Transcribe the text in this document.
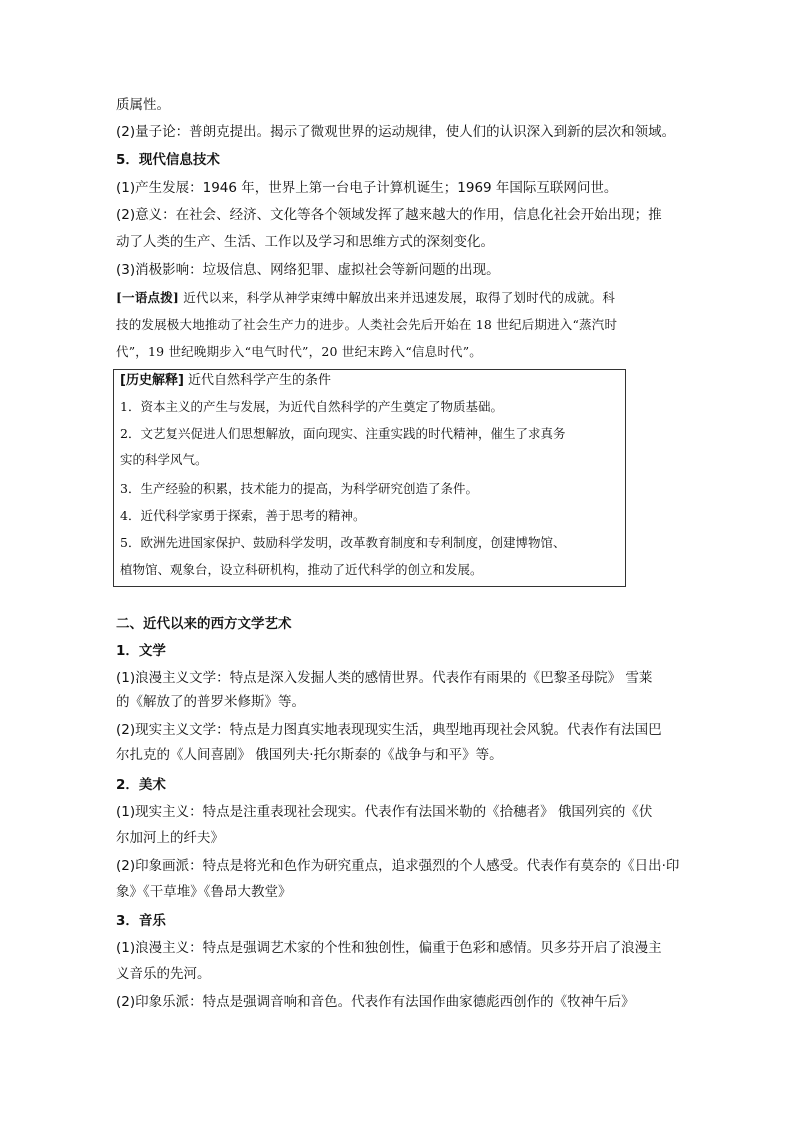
质属性。
(2)量子论：普朗克提出。揭示了微观世界的运动规律，使人们的认识深入到新的层次和领域。
5．现代信息技术
(1)产生发展：1946 年，世界上第一台电子计算机诞生；1969 年国际互联网问世。
(2)意义：在社会、经济、文化等各个领域发挥了越来越大的作用，信息化社会开始出现；推
动了人类的生产、生活、工作以及学习和思维方式的深刻变化。
(3)消极影响：垃圾信息、网络犯罪、虚拟社会等新问题的出现。
[一语点拨] 近代以来，科学从神学束缚中解放出来并迅速发展，取得了划时代的成就。科
技的发展极大地推动了社会生产力的进步。人类社会先后开始在 18 世纪后期进入“蒸汽时
代”，19 世纪晚期步入“电气时代”，20 世纪末跨入“信息时代”。
[历史解释] 近代自然科学产生的条件
1．资本主义的产生与发展，为近代自然科学的产生奠定了物质基础。
2．文艺复兴促进人们思想解放，面向现实、注重实践的时代精神，催生了求真务
实的科学风气。
3．生产经验的积累，技术能力的提高，为科学研究创造了条件。
4．近代科学家勇于探索，善于思考的精神。
5．欧洲先进国家保护、鼓励科学发明，改革教育制度和专利制度，创建博物馆、
植物馆、观象台，设立科研机构，推动了近代科学的创立和发展。
二、近代以来的西方文学艺术
1．文学
(1)浪漫主义文学：特点是深入发掘人类的感情世界。代表作有雨果的《巴黎圣母院》 雪莱
的《解放了的普罗米修斯》等。
(2)现实主义文学：特点是力图真实地表现现实生活，典型地再现社会风貌。代表作有法国巴
尔扎克的《人间喜剧》 俄国列夫·托尔斯泰的《战争与和平》等。
2．美术
(1)现实主义：特点是注重表现社会现实。代表作有法国米勒的《拾穗者》 俄国列宾的《伏
尔加河上的纤夫》
(2)印象画派：特点是将光和色作为研究重点，追求强烈的个人感受。代表作有莫奈的《日出·印
象》《干草堆》《鲁昂大教堂》
3．音乐
(1)浪漫主义：特点是强调艺术家的个性和独创性，偏重于色彩和感情。贝多芬开启了浪漫主
义音乐的先河。
(2)印象乐派：特点是强调音响和音色。代表作有法国作曲家德彪西创作的《牧神午后》
